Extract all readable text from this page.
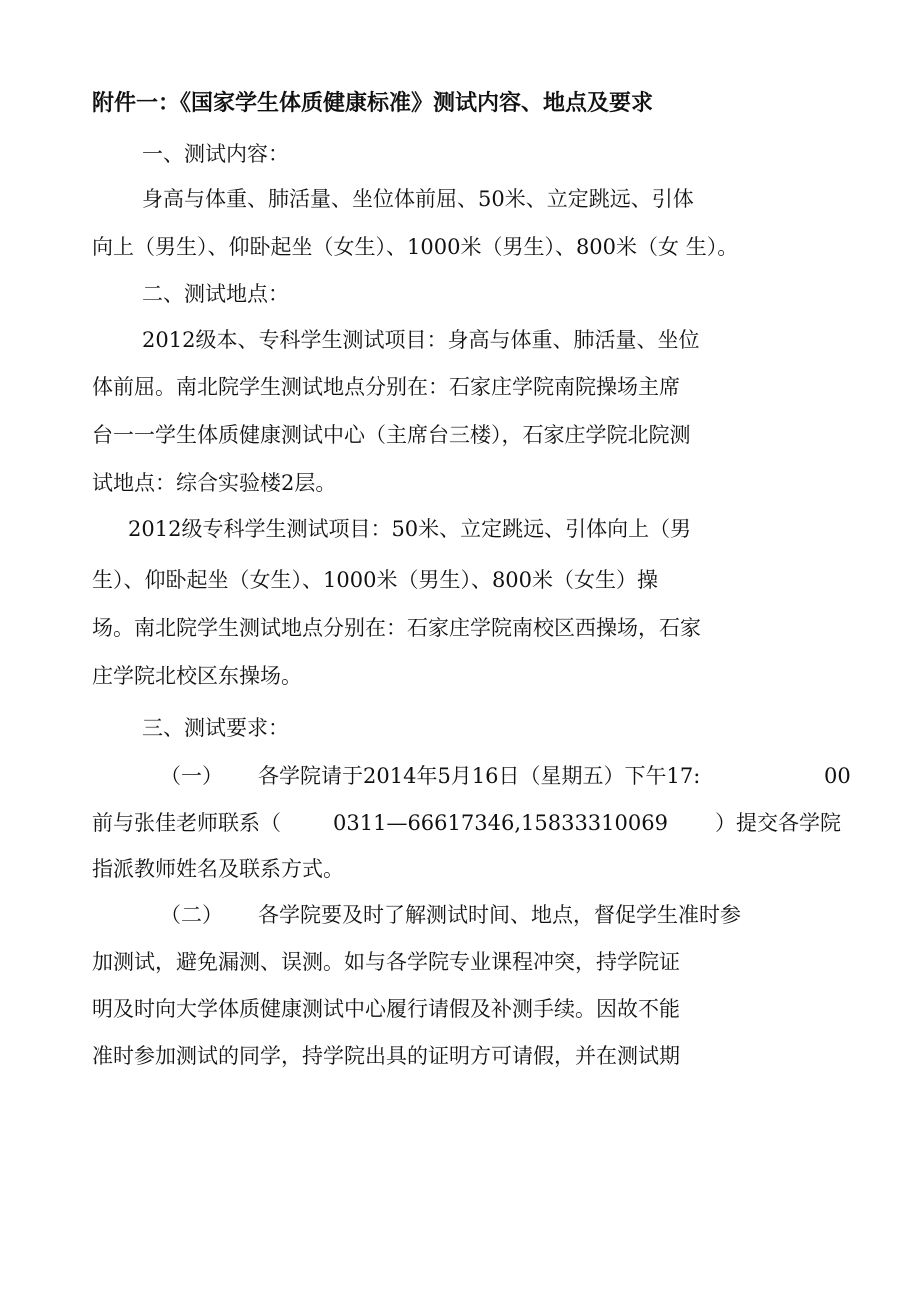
附件一：《国家学生体质健康标准》测试内容、地点及要求
一、测试内容：
身高与体重、肺活量、坐位体前屈、50米、立定跳远、引体
向上（男生）、仰卧起坐（女生）、1000米（男生）、800米（女 生）。
二、测试地点：
2012级本、专科学生测试项目：身高与体重、肺活量、坐位
体前屈。南北院学生测试地点分别在：石家庄学院南院操场主席
台一一学生体质健康测试中心（主席台三楼），石家庄学院北院测
试地点：综合实验楼2层。
2012级专科学生测试项目：50米、立定跳远、引体向上（男
生）、仰卧起坐（女生）、1000米（男生）、800米（女生）操
场。南北院学生测试地点分别在：石家庄学院南校区西操场，石家
庄学院北校区东操场。
三、测试要求：
（一） 各学院请于2014年5月16日（星期五）下午17:	00
前与张佳老师联系（ 0311—66617346,15833310069 ）提交各学院
指派教师姓名及联系方式。
（二） 各学院要及时了解测试时间、地点，督促学生准时参
加测试，避免漏测、误测。如与各学院专业课程冲突，持学院证
明及时向大学体质健康测试中心履行请假及补测手续。因故不能
准时参加测试的同学，持学院出具的证明方可请假，并在测试期
